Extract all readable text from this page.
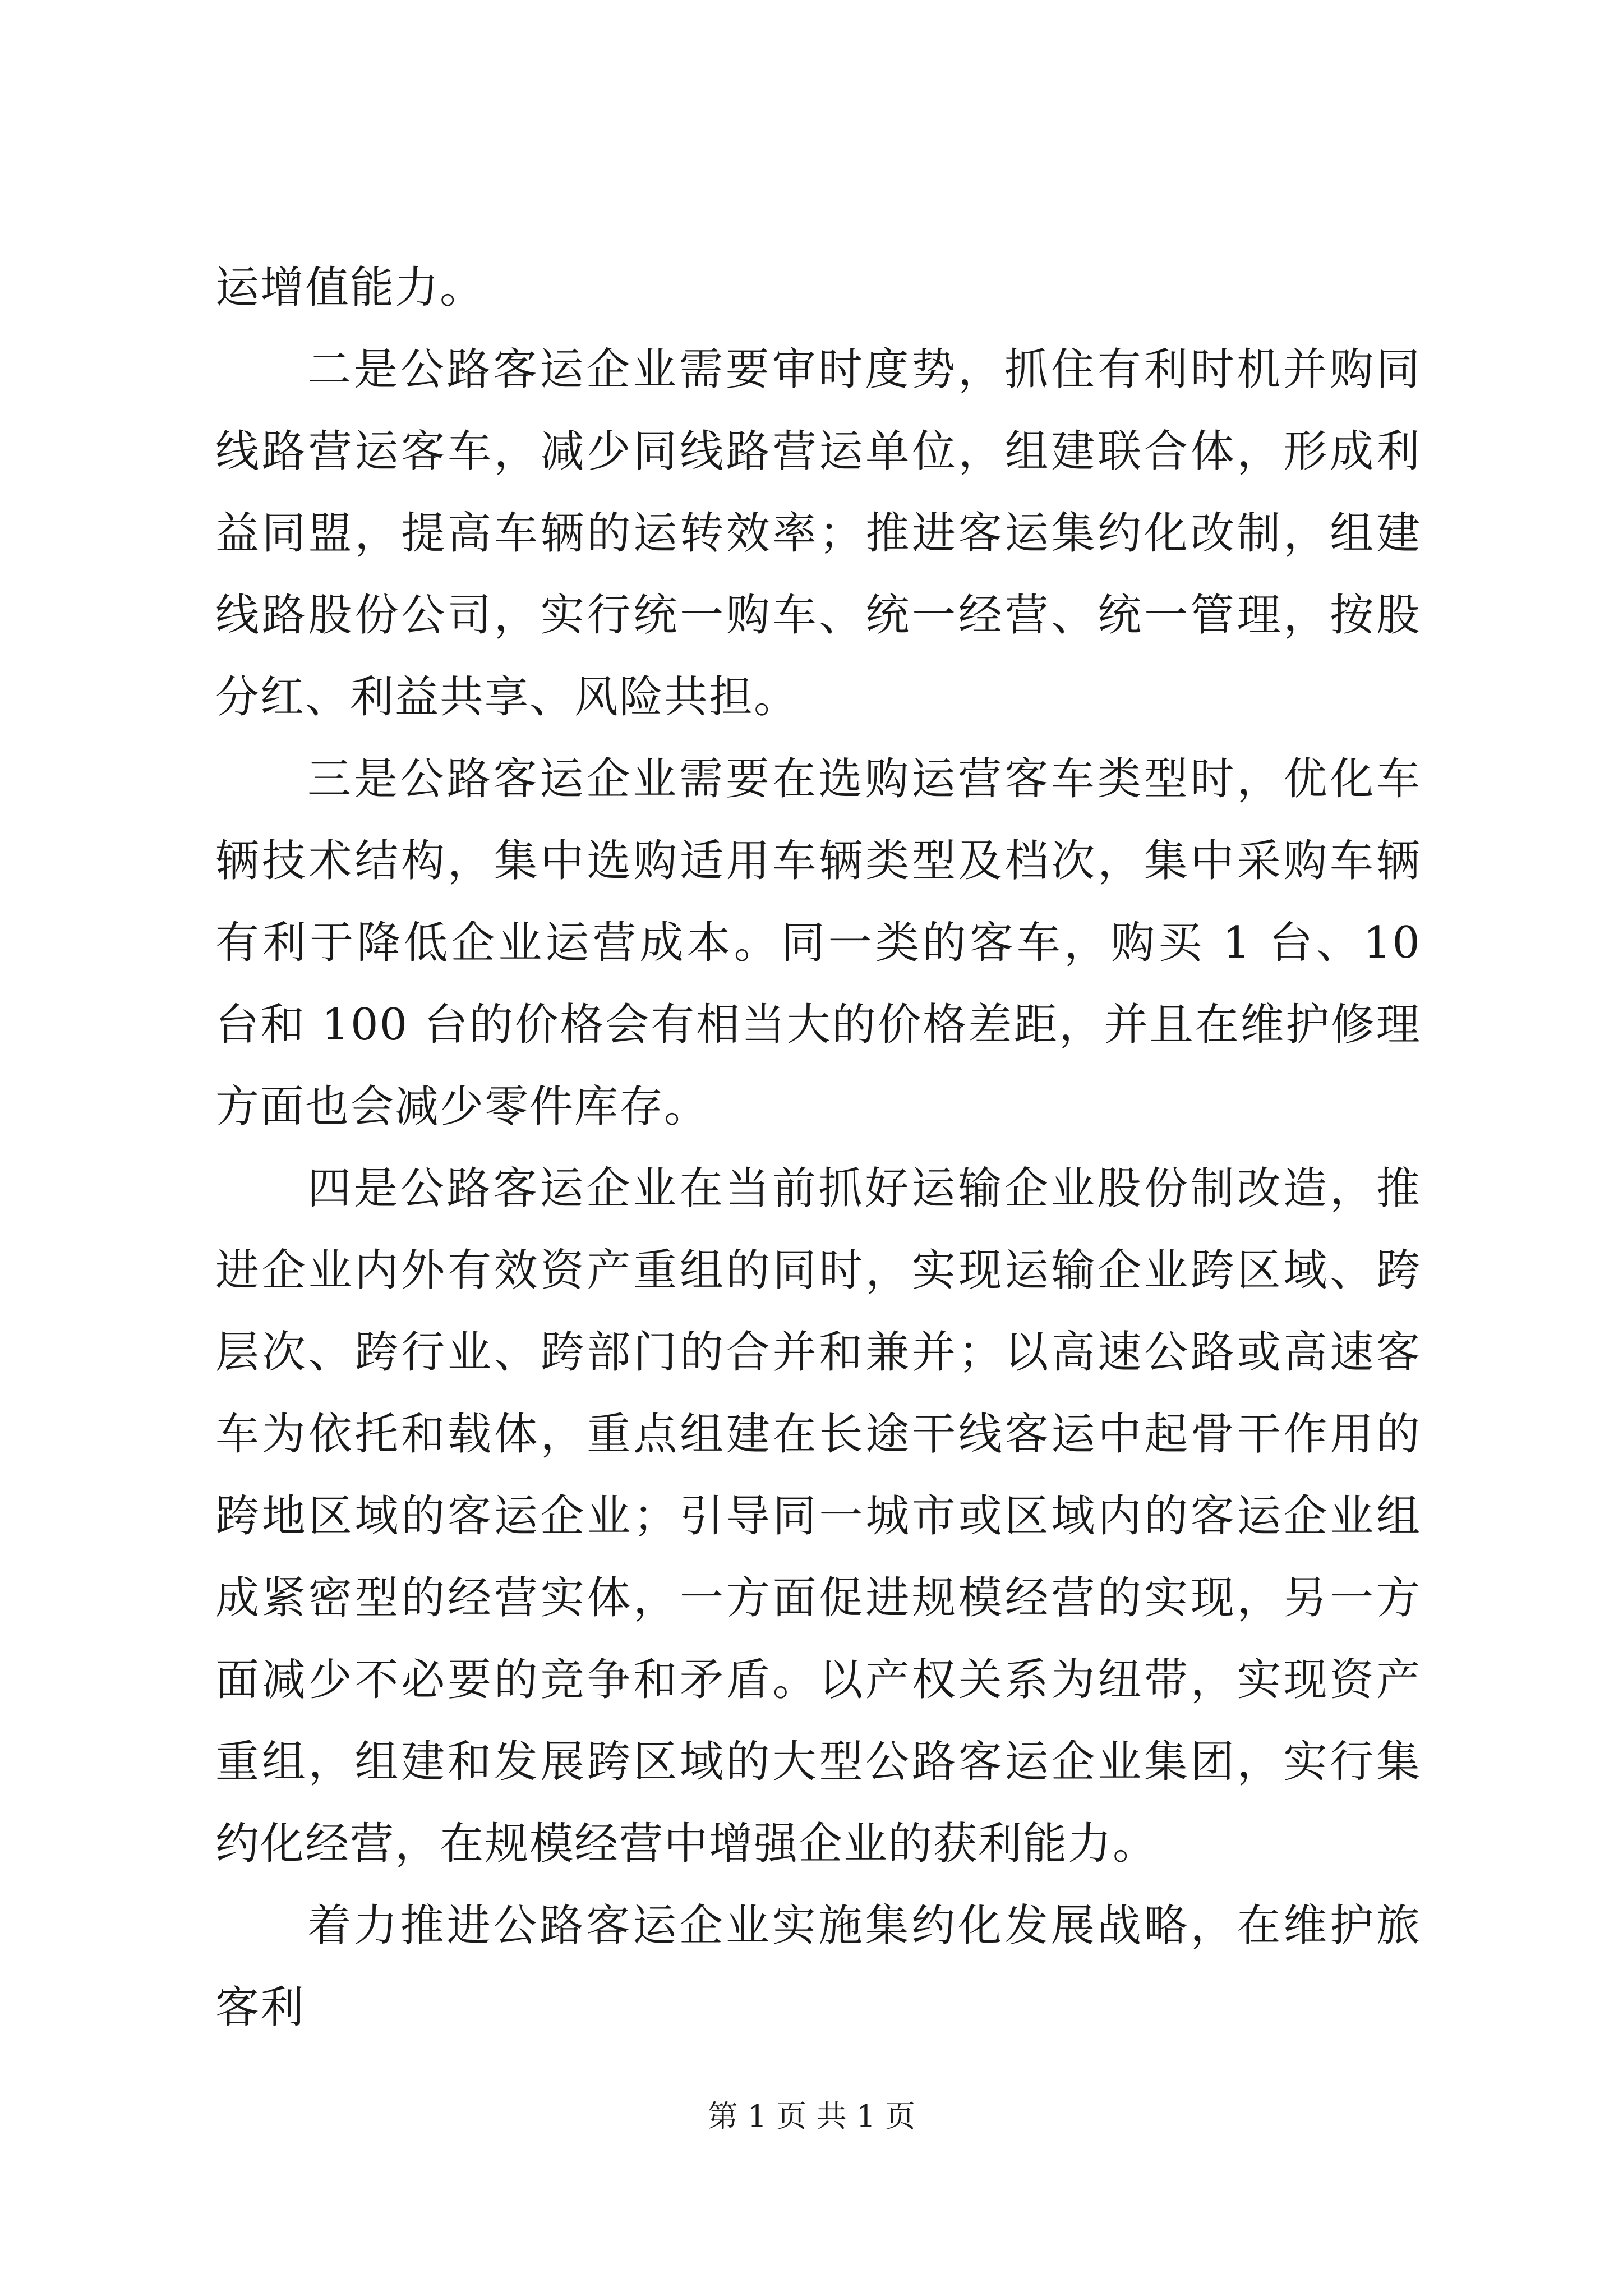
运增值能力。

二是公路客运企业需要审时度势，抓住有利时机并购同线路营运客车，减少同线路营运单位，组建联合体，形成利益同盟，提高车辆的运转效率；推进客运集约化改制，组建线路股份公司，实行统一购车、统一经营、统一管理，按股分红、利益共享、风险共担。

三是公路客运企业需要在选购运营客车类型时，优化车辆技术结构，集中选购适用车辆类型及档次，集中采购车辆有利于降低企业运营成本。同一类的客车，购买 1 台、10 台和 100 台的价格会有相当大的价格差距，并且在维护修理方面也会减少零件库存。

四是公路客运企业在当前抓好运输企业股份制改造，推进企业内外有效资产重组的同时，实现运输企业跨区域、跨层次、跨行业、跨部门的合并和兼并；以高速公路或高速客车为依托和载体，重点组建在长途干线客运中起骨干作用的跨地区域的客运企业；引导同一城市或区域内的客运企业组成紧密型的经营实体，一方面促进规模经营的实现，另一方面减少不必要的竞争和矛盾。以产权关系为纽带，实现资产重组，组建和发展跨区域的大型公路客运企业集团，实行集约化经营，在规模经营中增强企业的获利能力。

着力推进公路客运企业实施集约化发展战略，在维护旅客利

第 1 页 共 1 页
